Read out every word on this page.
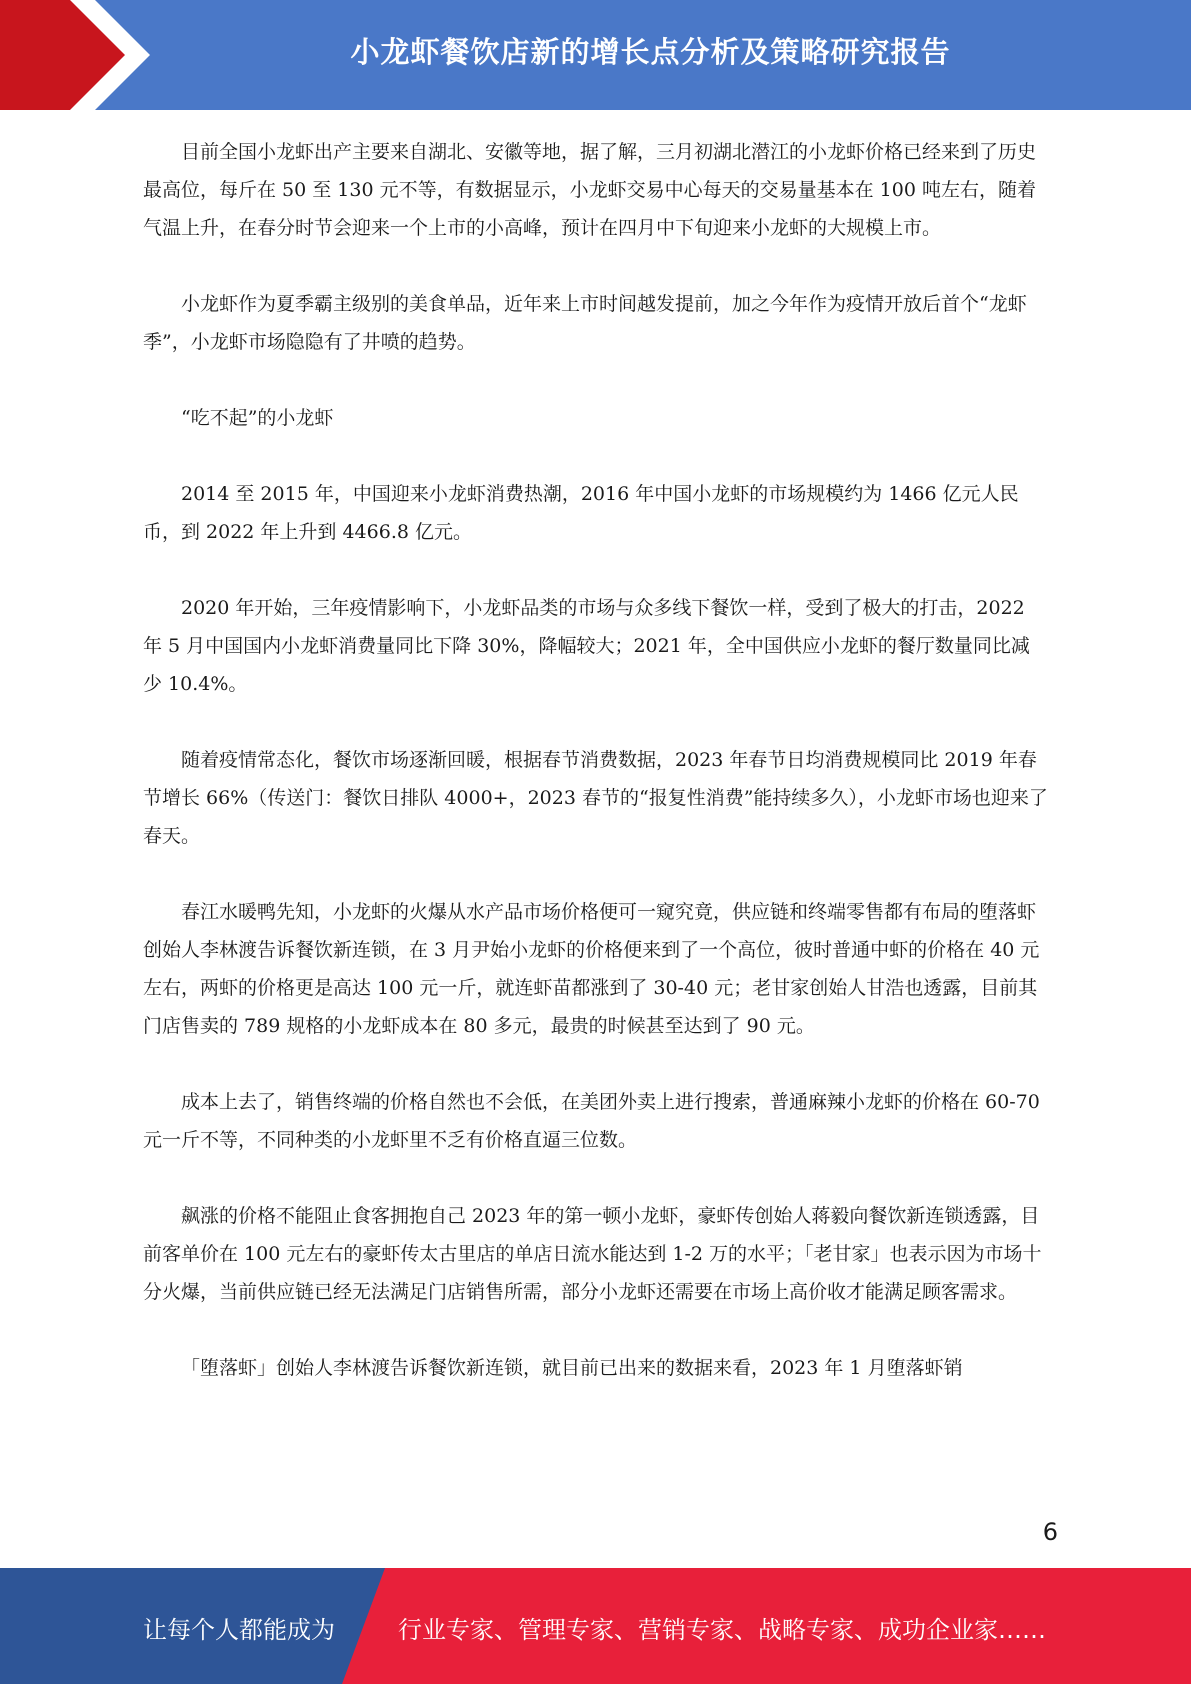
小龙虾餐饮店新的增长点分析及策略研究报告

目前全国小龙虾出产主要来自湖北、安徽等地，据了解，三月初湖北潜江的小龙虾价格已经来到了历史最高位，每斤在 50 至 130 元不等，有数据显示，小龙虾交易中心每天的交易量基本在 100 吨左右，随着气温上升，在春分时节会迎来一个上市的小高峰，预计在四月中下旬迎来小龙虾的大规模上市。

小龙虾作为夏季霸主级别的美食单品，近年来上市时间越发提前，加之今年作为疫情开放后首个“龙虾季”，小龙虾市场隐隐有了井喷的趋势。

“吃不起”的小龙虾

2014 至 2015 年，中国迎来小龙虾消费热潮，2016 年中国小龙虾的市场规模约为 1466 亿元人民币，到 2022 年上升到 4466.8 亿元。

2020 年开始，三年疫情影响下，小龙虾品类的市场与众多线下餐饮一样，受到了极大的打击，2022 年 5 月中国国内小龙虾消费量同比下降 30%，降幅较大；2021 年，全中国供应小龙虾的餐厅数量同比减少 10.4%。

随着疫情常态化，餐饮市场逐渐回暖，根据春节消费数据，2023 年春节日均消费规模同比 2019 年春节增长 66%（传送门：餐饮日排队 4000+，2023 春节的“报复性消费”能持续多久），小龙虾市场也迎来了春天。

春江水暖鸭先知，小龙虾的火爆从水产品市场价格便可一窥究竟，供应链和终端零售都有布局的堕落虾创始人李林渡告诉餐饮新连锁，在 3 月尹始小龙虾的价格便来到了一个高位，彼时普通中虾的价格在 40 元左右，两虾的价格更是高达 100 元一斤，就连虾苗都涨到了 30-40 元；老甘家创始人甘浩也透露，目前其门店售卖的 789 规格的小龙虾成本在 80 多元，最贵的时候甚至达到了 90 元。

成本上去了，销售终端的价格自然也不会低，在美团外卖上进行搜索，普通麻辣小龙虾的价格在 60-70 元一斤不等，不同种类的小龙虾里不乏有价格直逼三位数。

飙涨的价格不能阻止食客拥抱自己 2023 年的第一顿小龙虾，豪虾传创始人蒋毅向餐饮新连锁透露，目前客单价在 100 元左右的豪虾传太古里店的单店日流水能达到 1-2 万的水平；「老甘家」也表示因为市场十分火爆，当前供应链已经无法满足门店销售所需，部分小龙虾还需要在市场上高价收才能满足顾客需求。

「堕落虾」创始人李林渡告诉餐饮新连锁，就目前已出来的数据来看，2023 年 1 月堕落虾销

6
让每个人都能成为	行业专家、管理专家、营销专家、战略专家、成功企业家……
